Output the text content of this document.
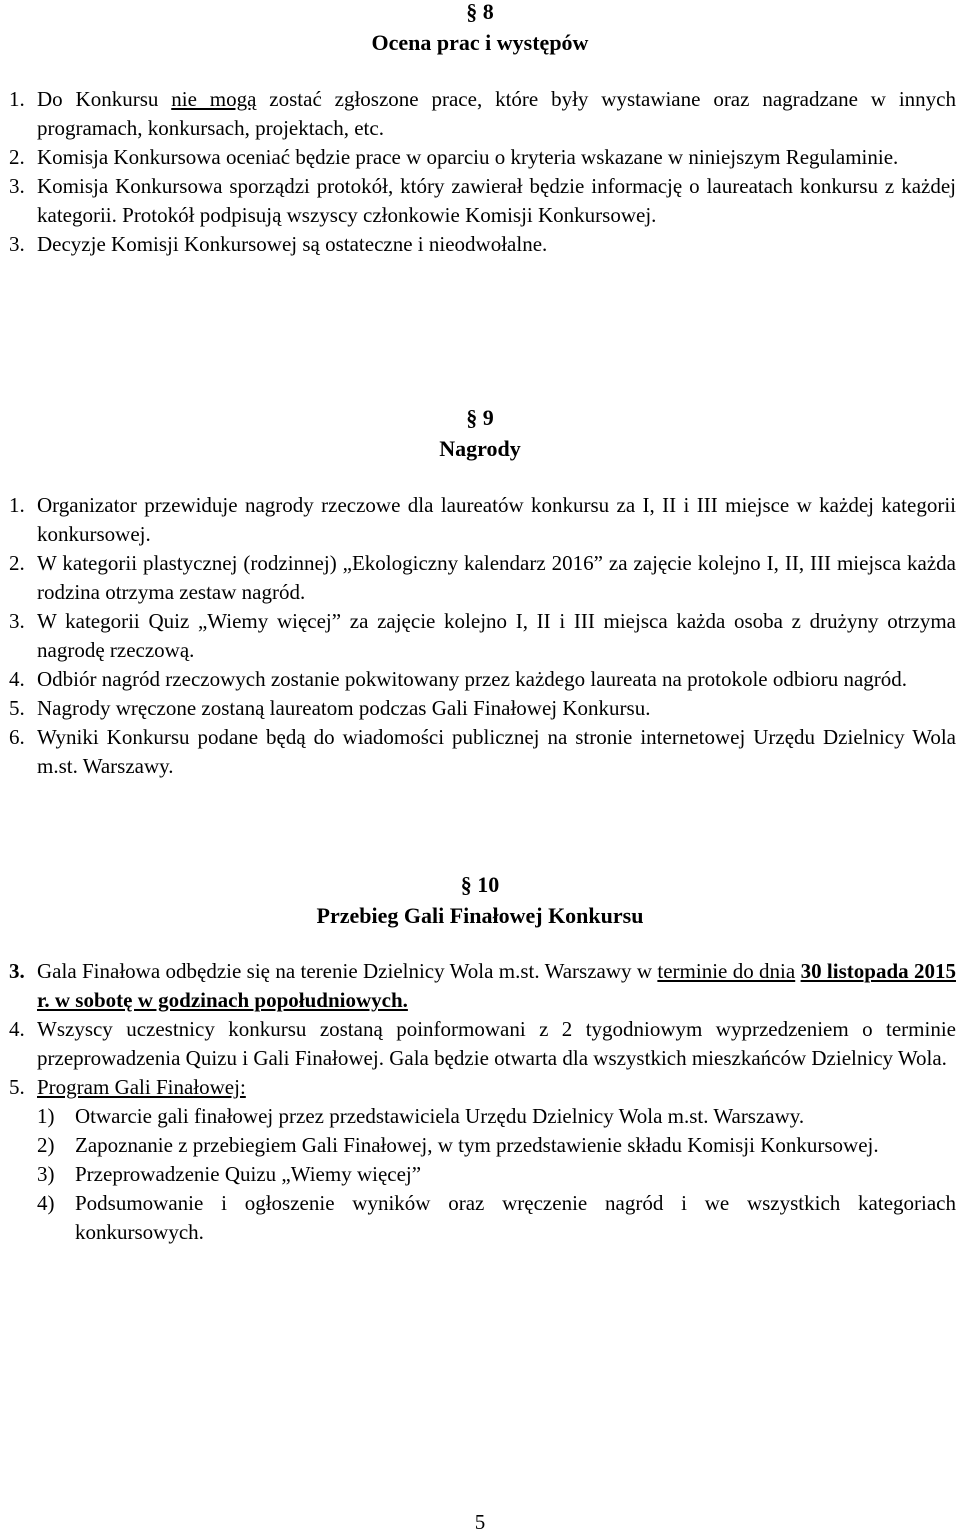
§ 8
Ocena prac i występów
1. Do Konkursu nie mogą zostać zgłoszone prace, które były wystawiane oraz nagradzane w innych programach, konkursach, projektach, etc.
2. Komisja Konkursowa oceniać będzie prace w oparciu o kryteria wskazane w niniejszym Regulaminie.
3. Komisja Konkursowa sporządzi protokół, który zawierał będzie informację o laureatach konkursu z każdej kategorii. Protokół podpisują wszyscy członkowie Komisji Konkursowej.
3. Decyzje Komisji Konkursowej są ostateczne i nieodwołalne.
§ 9
Nagrody
1. Organizator przewiduje nagrody rzeczowe dla laureatów konkursu za I, II i III miejsce w każdej kategorii konkursowej.
2. W kategorii plastycznej (rodzinnej) „Ekologiczny kalendarz 2016” za zajęcie kolejno I, II, III miejsca każda rodzina otrzyma zestaw nagród.
3. W kategorii Quiz „Wiemy więcej” za zajęcie kolejno I, II i III miejsca każda osoba z drużyny otrzyma nagrodę rzeczową.
4. Odbiór nagród rzeczowych zostanie pokwitowany przez każdego laureata na protokole odbioru nagród.
5. Nagrody wręczone zostaną laureatom podczas Gali Finałowej Konkursu.
6. Wyniki Konkursu podane będą do wiadomości publicznej na stronie internetowej Urzędu Dzielnicy Wola m.st. Warszawy.
§ 10
Przebieg Gali Finałowej Konkursu
3. Gala Finałowa odbędzie się na terenie Dzielnicy Wola m.st. Warszawy w terminie do dnia 30 listopada 2015 r. w sobotę w godzinach popołudniowych.
4. Wszyscy uczestnicy konkursu zostaną poinformowani z 2 tygodniowym wyprzedzeniem o terminie przeprowadzenia Quizu i Gali Finałowej. Gala będzie otwarta dla wszystkich mieszkańców Dzielnicy Wola.
5. Program Gali Finałowej:
1) Otwarcie gali finałowej przez przedstawiciela Urzędu Dzielnicy Wola m.st. Warszawy.
2) Zapoznanie z przebiegiem Gali Finałowej, w tym przedstawienie składu Komisji Konkursowej.
3) Przeprowadzenie Quizu „Wiemy więcej”
4) Podsumowanie i ogłoszenie wyników oraz wręczenie nagród i we wszystkich kategoriach konkursowych.
5
